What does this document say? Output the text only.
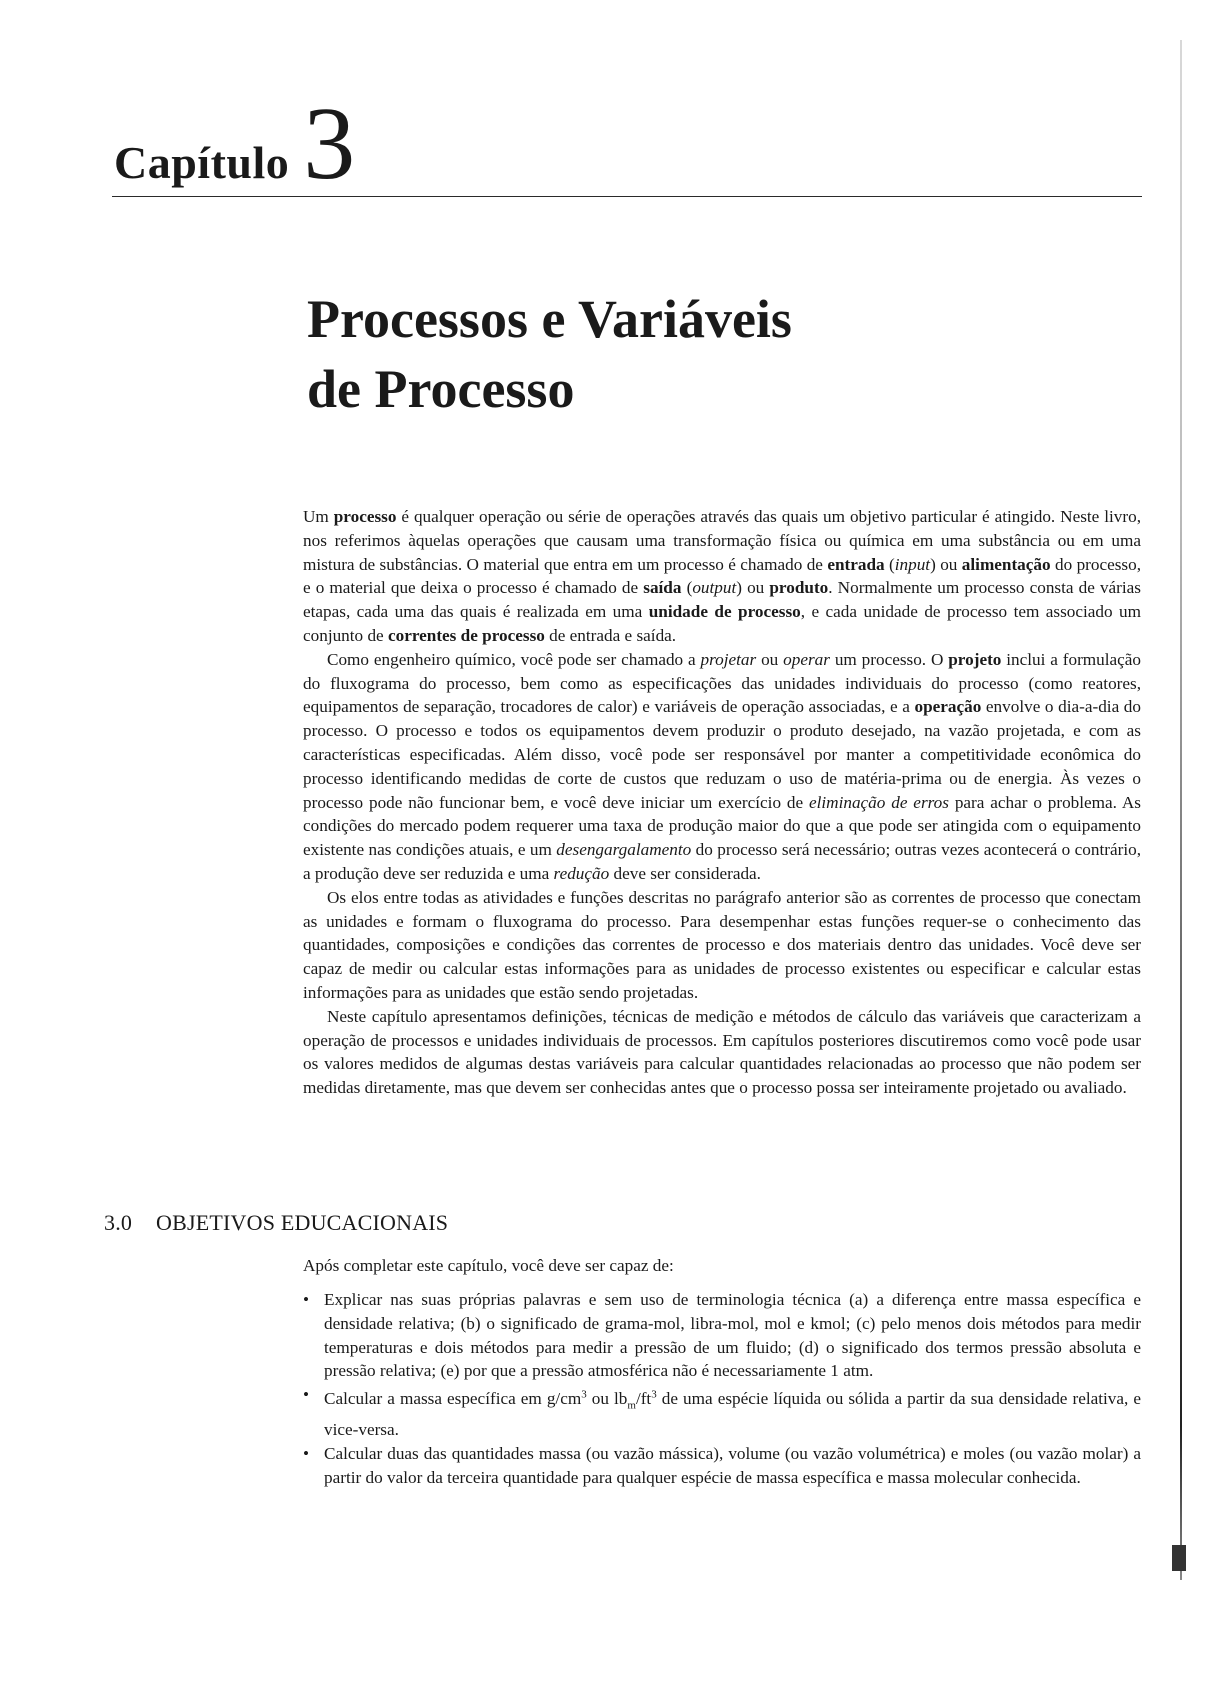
Capítulo 3
Processos e Variáveis
de Processo

Um processo é qualquer operação ou série de operações através das quais um objetivo particular é atingido. Neste livro, nos referimos àquelas operações que causam uma transformação física ou química em uma substância ou em uma mistura de substâncias. O material que entra em um processo é chamado de entrada (input) ou alimentação do processo, e o material que deixa o processo é chamado de saída (output) ou produto. Normalmente um processo consta de várias etapas, cada uma das quais é realizada em uma unidade de processo, e cada unidade de processo tem associado um conjunto de correntes de processo de entrada e saída.

Como engenheiro químico, você pode ser chamado a projetar ou operar um processo. O projeto inclui a formulação do fluxograma do processo, bem como as especificações das unidades individuais do processo (como reatores, equipamentos de separação, trocadores de calor) e variáveis de operação associadas, e a operação envolve o dia-a-dia do processo. O processo e todos os equipamentos devem produzir o produto desejado, na vazão projetada, e com as características especificadas. Além disso, você pode ser responsável por manter a competitividade econômica do processo identificando medidas de corte de custos que reduzam o uso de matéria-prima ou de energia. Às vezes o processo pode não funcionar bem, e você deve iniciar um exercício de eliminação de erros para achar o problema. As condições do mercado podem requerer uma taxa de produção maior do que a que pode ser atingida com o equipamento existente nas condições atuais, e um desengargalamento do processo será necessário; outras vezes acontecerá o contrário, a produção deve ser reduzida e uma redução deve ser considerada.

Os elos entre todas as atividades e funções descritas no parágrafo anterior são as correntes de processo que conectam as unidades e formam o fluxograma do processo. Para desempenhar estas funções requer-se o conhecimento das quantidades, composições e condições das correntes de processo e dos materiais dentro das unidades. Você deve ser capaz de medir ou calcular estas informações para as unidades de processo existentes ou especificar e calcular estas informações para as unidades que estão sendo projetadas.

Neste capítulo apresentamos definições, técnicas de medição e métodos de cálculo das variáveis que caracterizam a operação de processos e unidades individuais de processos. Em capítulos posteriores discutiremos como você pode usar os valores medidos de algumas destas variáveis para calcular quantidades relacionadas ao processo que não podem ser medidas diretamente, mas que devem ser conhecidas antes que o processo possa ser inteiramente projetado ou avaliado.

3.0 OBJETIVOS EDUCACIONAIS
Após completar este capítulo, você deve ser capaz de:
• Explicar nas suas próprias palavras e sem uso de terminologia técnica (a) a diferença entre massa específica e densidade relativa; (b) o significado de grama-mol, libra-mol, mol e kmol; (c) pelo menos dois métodos para medir temperaturas e dois métodos para medir a pressão de um fluido; (d) o significado dos termos pressão absoluta e pressão relativa; (e) por que a pressão atmosférica não é necessariamente 1 atm.
• Calcular a massa específica em $g/cm^3$ ou $lb_m/ft^3$ de uma espécie líquida ou sólida a partir da sua densidade relativa, e vice-versa.
• Calcular duas das quantidades massa (ou vazão mássica), volume (ou vazão volumétrica) e moles (ou vazão molar) a partir do valor da terceira quantidade para qualquer espécie de massa específica e massa molecular conhecida.
